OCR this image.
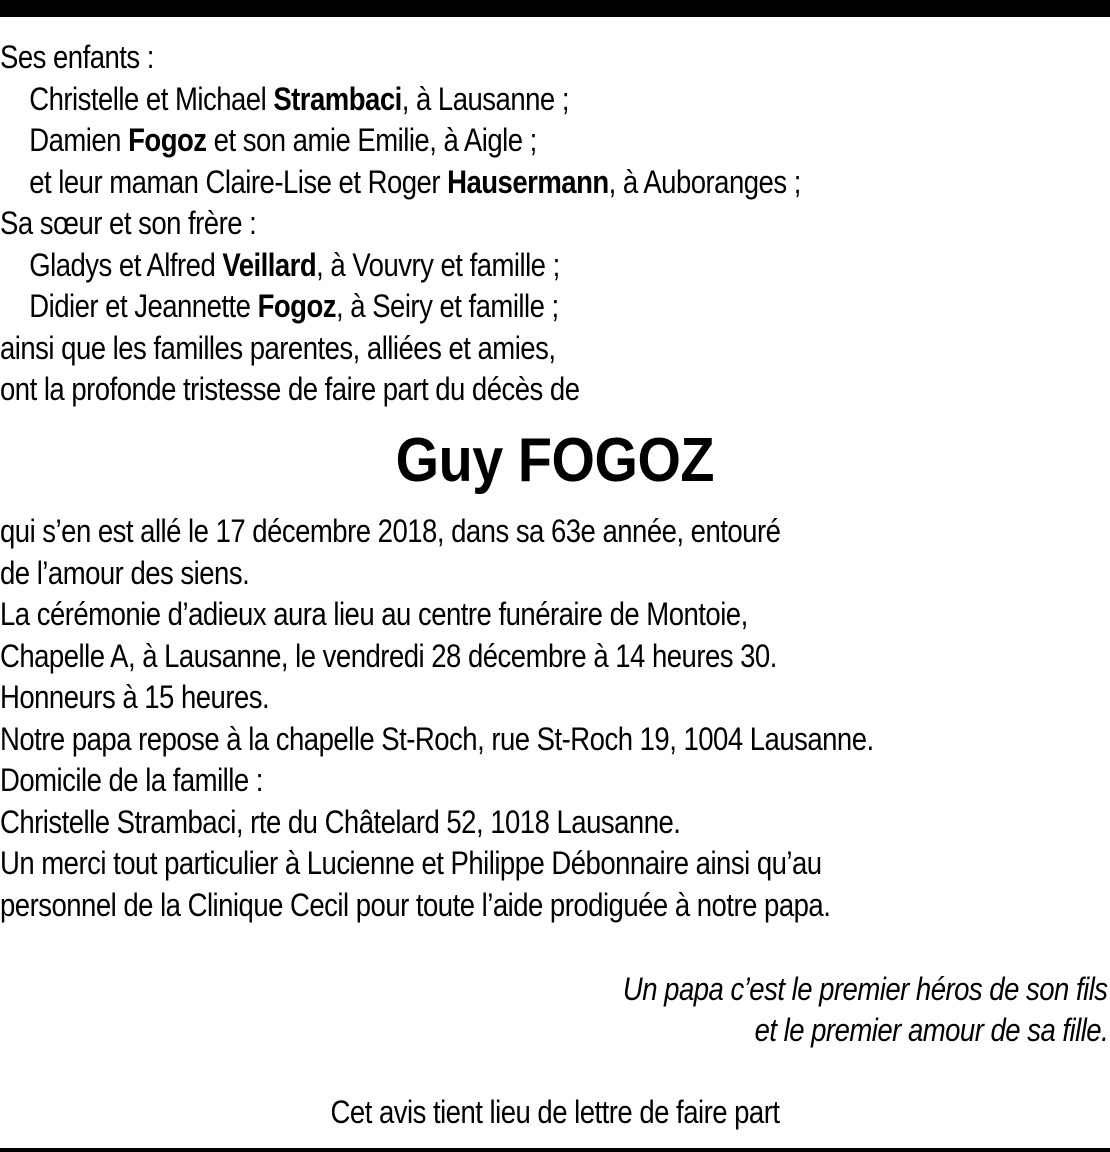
Ses enfants :
Christelle et Michael Strambaci, à Lausanne ;
Damien Fogoz et son amie Emilie, à Aigle ;
et leur maman Claire-Lise et Roger Hausermann, à Auboranges ;
Sa sœur et son frère :
Gladys et Alfred Veillard, à Vouvry et famille ;
Didier et Jeannette Fogoz, à Seiry et famille ;
ainsi que les familles parentes, alliées et amies,
ont la profonde tristesse de faire part du décès de
Guy FOGOZ
qui s’en est allé le 17 décembre 2018, dans sa 63e année, entouré
de l’amour des siens.
La cérémonie d’adieux aura lieu au centre funéraire de Montoie,
Chapelle A, à Lausanne, le vendredi 28 décembre à 14 heures 30.
Honneurs à 15 heures.
Notre papa repose à la chapelle St-Roch, rue St-Roch 19, 1004 Lausanne.
Domicile de la famille :
Christelle Strambaci, rte du Châtelard 52, 1018 Lausanne.
Un merci tout particulier à Lucienne et Philippe Débonnaire ainsi qu’au
personnel de la Clinique Cecil pour toute l’aide prodiguée à notre papa.
Un papa c’est le premier héros de son fils
et le premier amour de sa fille.
Cet avis tient lieu de lettre de faire part
